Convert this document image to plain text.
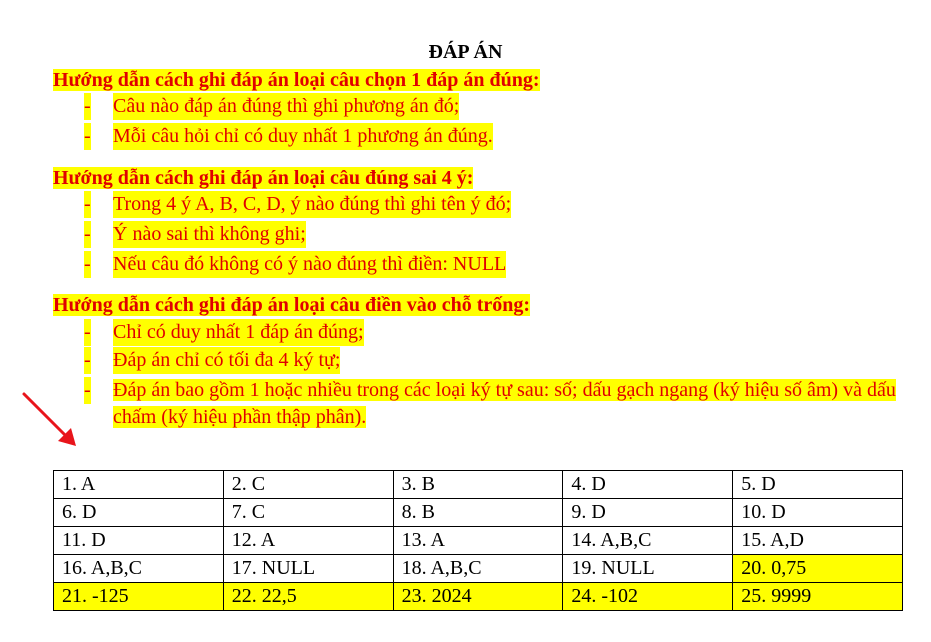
ĐÁP ÁN
Hướng dẫn cách ghi đáp án loại câu chọn 1 đáp án đúng:
- Câu nào đáp án đúng thì ghi phương án đó;
- Mỗi câu hỏi chỉ có duy nhất 1 phương án đúng.
Hướng dẫn cách ghi đáp án loại câu đúng sai 4 ý:
- Trong 4 ý A, B, C, D, ý nào đúng thì ghi tên ý đó;
- Ý nào sai thì không ghi;
- Nếu câu đó không có ý nào đúng thì điền: NULL
Hướng dẫn cách ghi đáp án loại câu điền vào chỗ trống:
- Chỉ có duy nhất 1 đáp án đúng;
- Đáp án chỉ có tối đa 4 ký tự;
- Đáp án bao gồm 1 hoặc nhiều trong các loại ký tự sau: số; dấu gạch ngang (ký hiệu số âm) và dấu chấm (ký hiệu phần thập phân).
1. A	2. C	3. B	4. D	5. D
6. D	7. C	8. B	9. D	10. D
11. D	12. A	13. A	14. A,B,C	15. A,D
16. A,B,C	17. NULL	18. A,B,C	19. NULL	20. 0,75
21. -125	22. 22,5	23. 2024	24. -102	25. 9999
